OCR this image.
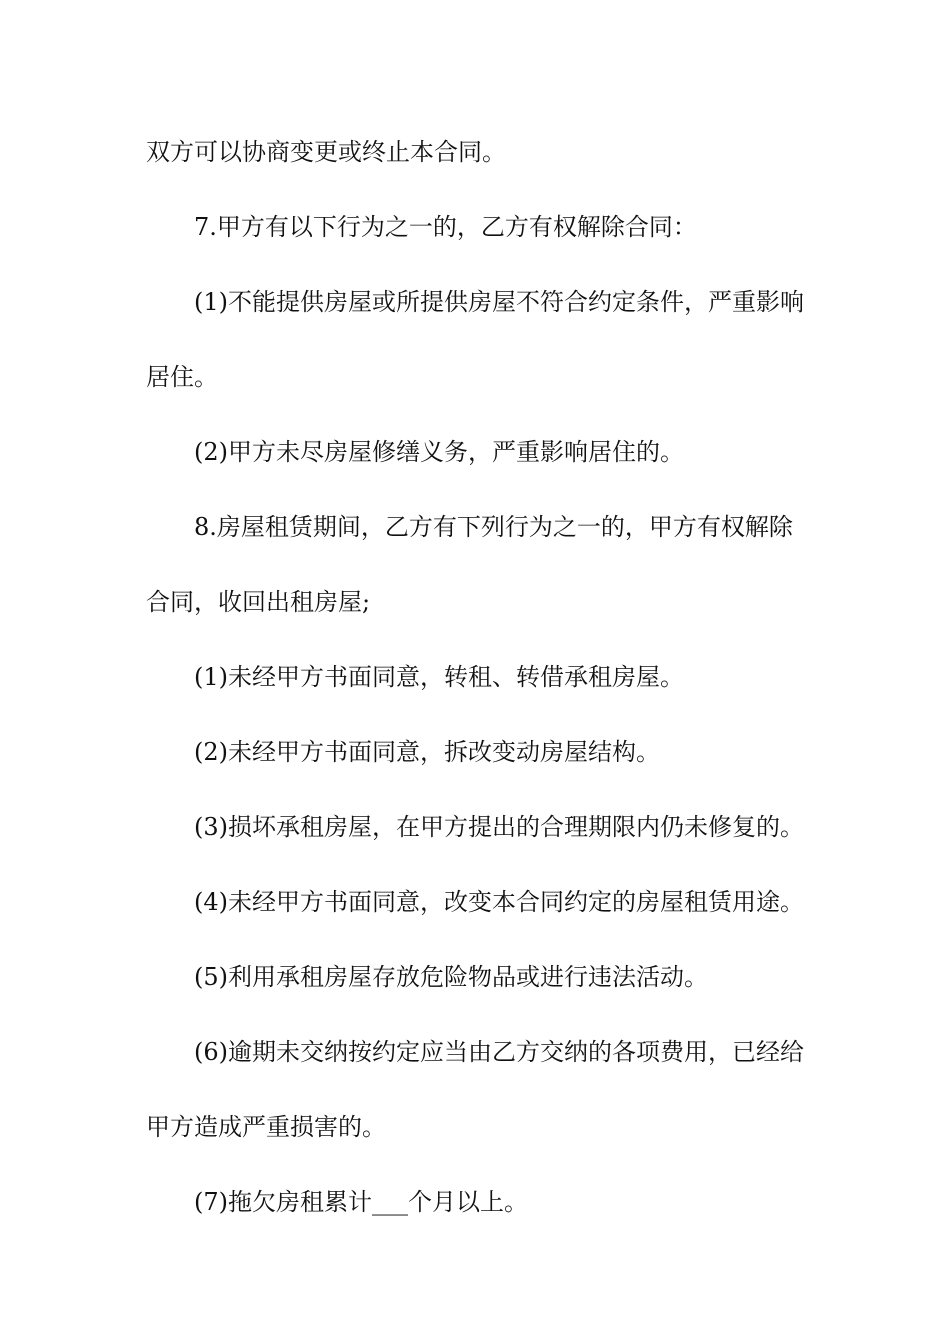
双方可以协商变更或终止本合同。
7.甲方有以下行为之一的，乙方有权解除合同：
(1)不能提供房屋或所提供房屋不符合约定条件，严重影响
居住。
(2)甲方未尽房屋修缮义务，严重影响居住的。
8.房屋租赁期间，乙方有下列行为之一的，甲方有权解除
合同，收回出租房屋;
(1)未经甲方书面同意，转租、转借承租房屋。
(2)未经甲方书面同意，拆改变动房屋结构。
(3)损坏承租房屋，在甲方提出的合理期限内仍未修复的。
(4)未经甲方书面同意，改变本合同约定的房屋租赁用途。
(5)利用承租房屋存放危险物品或进行违法活动。
(6)逾期未交纳按约定应当由乙方交纳的各项费用，已经给
甲方造成严重损害的。
(7)拖欠房租累计___个月以上。
